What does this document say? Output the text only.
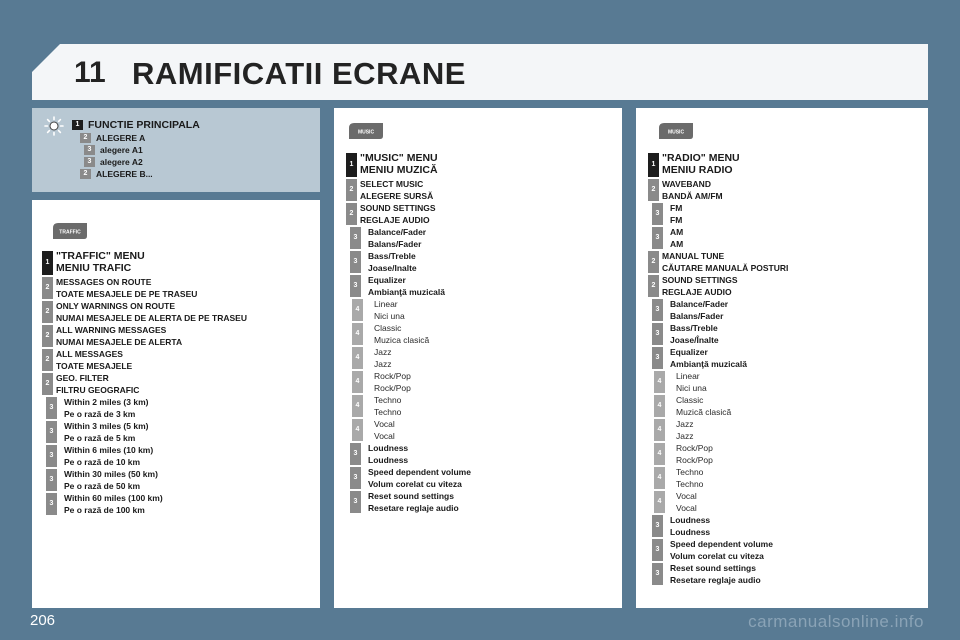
11 RAMIFICATII ECRANE
1 FUNCTIE PRINCIPALA
2	ALEGERE A
3	alegere A1
3	alegere A2
2	ALEGERE B...
TRAFFIC
MUSIC	MUSIC
1
"TRAFFIC" MENU
MENIU TRAFIC
2
MESSAGES ON ROUTE
TOATE MESAJELE DE PE TRASEU
2
ONLY WARNINGS ON ROUTE
NUMAI MESAJELE DE ALERTA DE PE TRASEU
2
ALL WARNING MESSAGES
NUMAI MESAJELE DE ALERTA
2
ALL MESSAGES
TOATE MESAJELE
2
GEO. FILTER
FILTRU GEOGRAFIC
3
Within 2 miles (3 km)
Pe o rază de 3 km
3
Within 3 miles (5 km)
Pe o rază de 5 km
3
Within 6 miles (10 km)
Pe o rază de 10 km
3
Within 30 miles (50 km)
Pe o rază de 50 km
3
Within 60 miles (100 km)
Pe o rază de 100 km
1
"MUSIC" MENU
MENIU MUZICĂ
2
SELECT MUSIC
ALEGERE SURSĂ
2
SOUND SETTINGS
REGLAJE AUDIO
3
Balance/Fader
Balans/Fader
3
Bass/Treble
Joase/Inalte
3
Equalizer
Ambianţă muzicală
4
Linear
Nici una
4
Classic
Muzica clasică
4
Jazz
Jazz
4
Rock/Pop
Rock/Pop
4
Techno
Techno
4
Vocal
Vocal
3
Loudness
Loudness
3
Speed dependent volume
Volum corelat cu viteza
3
Reset sound settings
Resetare reglaje audio
1
"RADIO" MENU
MENIU RADIO
2
WAVEBAND
BANDĂ AM/FM
3
FM
FM
3
AM
AM
2
MANUAL TUNE
CĂUTARE MANUALĂ POSTURI
2
SOUND SETTINGS
REGLAJE AUDIO
3
Balance/Fader
Balans/Fader
3
Bass/Treble
Joase/Înalte
3
Equalizer
Ambianţă muzicală
4
Linear
Nici una
4
Classic
Muzică clasică
4
Jazz
Jazz
4
Rock/Pop
Rock/Pop
4
Techno
Techno
4
Vocal
Vocal
3
Loudness
Loudness
3
Speed dependent volume
Volum corelat cu viteza
3
Reset sound settings
Resetare reglaje audio
206	carmanualsonline.info
